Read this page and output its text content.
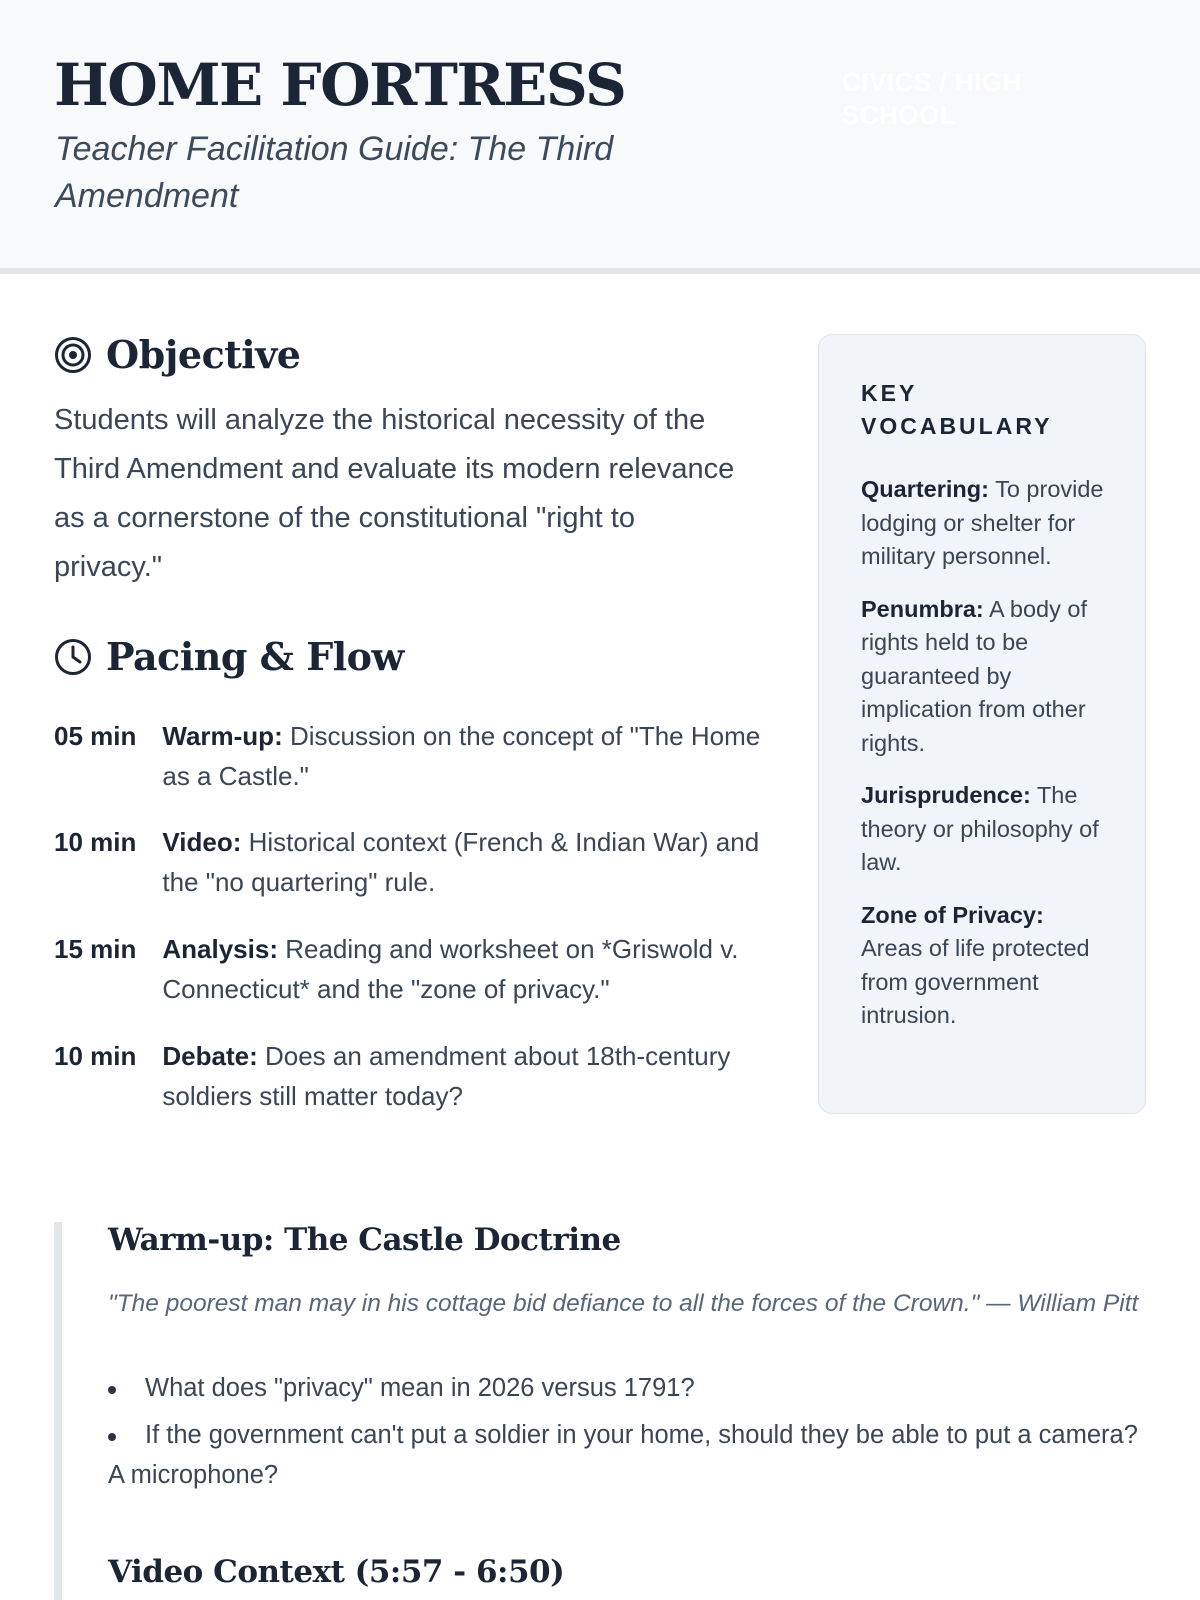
HOME FORTRESS

Teacher Facilitation Guide: The Third Amendment

CIVICS / HIGH SCHOOL
Objective

Students will analyze the historical necessity of the Third Amendment and evaluate its modern relevance as a cornerstone of the constitutional "right to privacy."

Pacing & Flow
05 min Warm-up: Discussion on the concept of "The Home as a Castle."
10 min Video: Historical context (French & Indian War) and the "no quartering" rule.
15 min Analysis: Reading and worksheet on *Griswold v. Connecticut* and the "zone of privacy."
10 min Debate: Does an amendment about 18th-century soldiers still matter today?
KEY VOCABULARY

Quartering: To provide lodging or shelter for military personnel.

Penumbra: A body of rights held to be guaranteed by implication from other rights.

Jurisprudence: The theory or philosophy of law.

Zone of Privacy: Areas of life protected from government intrusion.

Warm-up: The Castle Doctrine

"The poorest man may in his cottage bid defiance to all the forces of the Crown." — William Pitt

What does "privacy" mean in 2026 versus 1791?
If the government can't put a soldier in your home, should they be able to put a camera? A microphone?
Video Context (5:57 - 6:50)
